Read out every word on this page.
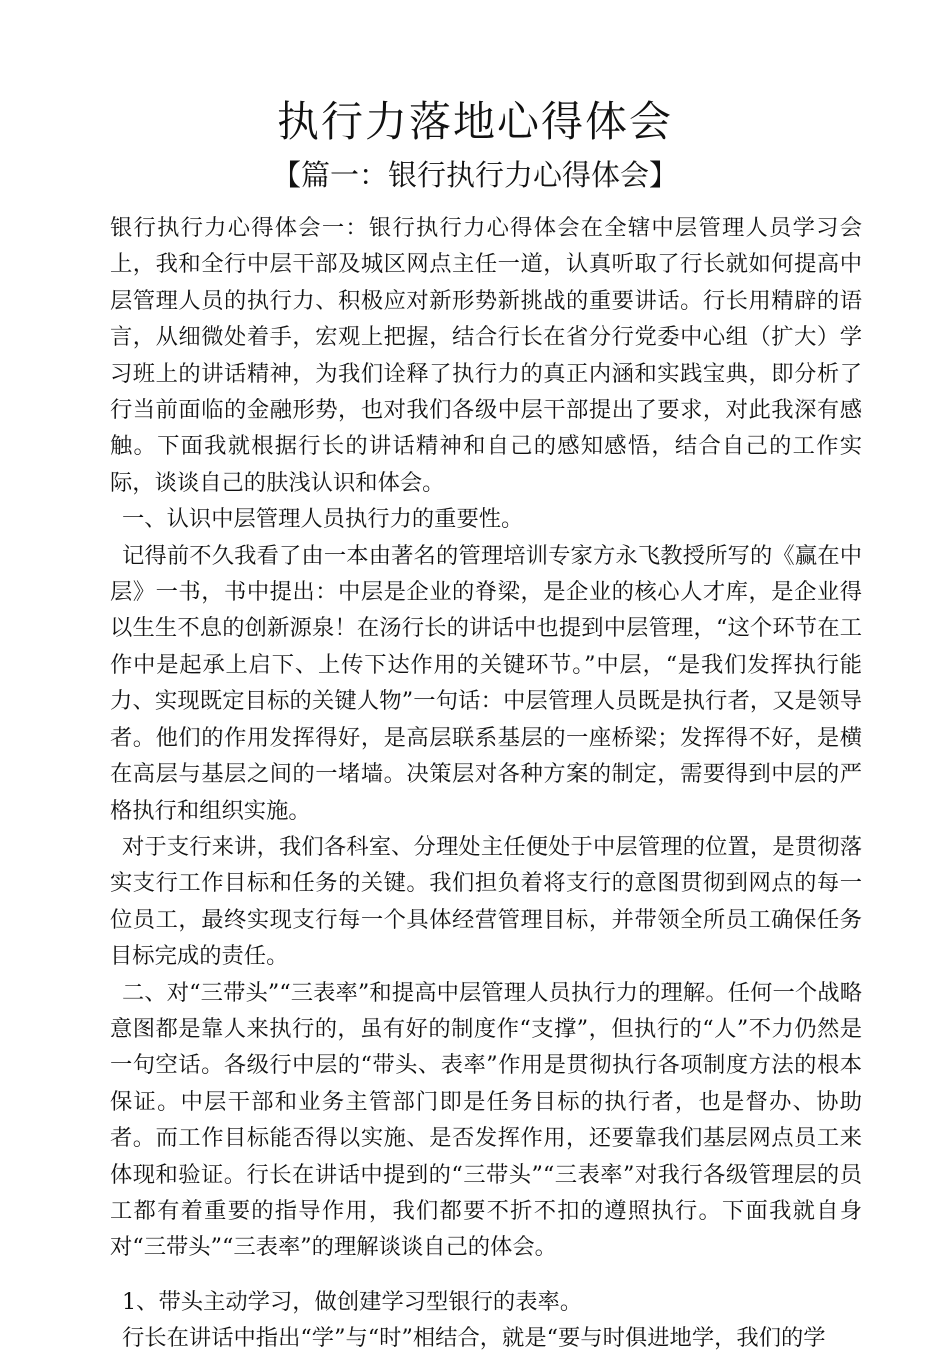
执行力落地心得体会
【篇一：银行执行力心得体会】

银行执行力心得体会一：银行执行力心得体会在全辖中层管理人员学习会上，我和全行中层干部及城区网点主任一道，认真听取了行长就如何提高中层管理人员的执行力、积极应对新形势新挑战的重要讲话。行长用精辟的语言，从细微处着手，宏观上把握，结合行长在省分行党委中心组（扩大）学习班上的讲话精神，为我们诠释了执行力的真正内涵和实践宝典，即分析了行当前面临的金融形势，也对我们各级中层干部提出了要求，对此我深有感触。下面我就根据行长的讲话精神和自己的感知感悟，结合自己的工作实际，谈谈自己的肤浅认识和体会。

一、认识中层管理人员执行力的重要性。

记得前不久我看了由一本由著名的管理培训专家方永飞教授所写的《赢在中层》一书，书中提出：中层是企业的脊梁，是企业的核心人才库，是企业得以生生不息的创新源泉！在汤行长的讲话中也提到中层管理，“这个环节在工作中是起承上启下、上传下达作用的关键环节。”中层，“是我们发挥执行能力、实现既定目标的关键人物”一句话：中层管理人员既是执行者，又是领导者。他们的作用发挥得好，是高层联系基层的一座桥梁；发挥得不好，是横在高层与基层之间的一堵墙。决策层对各种方案的制定，需要得到中层的严格执行和组织实施。

对于支行来讲，我们各科室、分理处主任便处于中层管理的位置，是贯彻落实支行工作目标和任务的关键。我们担负着将支行的意图贯彻到网点的每一位员工，最终实现支行每一个具体经营管理目标，并带领全所员工确保任务目标完成的责任。

二、对“三带头”“三表率”和提高中层管理人员执行力的理解。任何一个战略意图都是靠人来执行的，虽有好的制度作“支撑”，但执行的“人”不力仍然是一句空话。各级行中层的“带头、表率”作用是贯彻执行各项制度方法的根本保证。中层干部和业务主管部门即是任务目标的执行者，也是督办、协助者。而工作目标能否得以实施、是否发挥作用，还要靠我们基层网点员工来体现和验证。行长在讲话中提到的“三带头”“三表率”对我行各级管理层的员工都有着重要的指导作用，我们都要不折不扣的遵照执行。下面我就自身对“三带头”“三表率”的理解谈谈自己的体会。

1、带头主动学习，做创建学习型银行的表率。

行长在讲话中指出“学”与“时”相结合，就是“要与时俱进地学，我们的学
